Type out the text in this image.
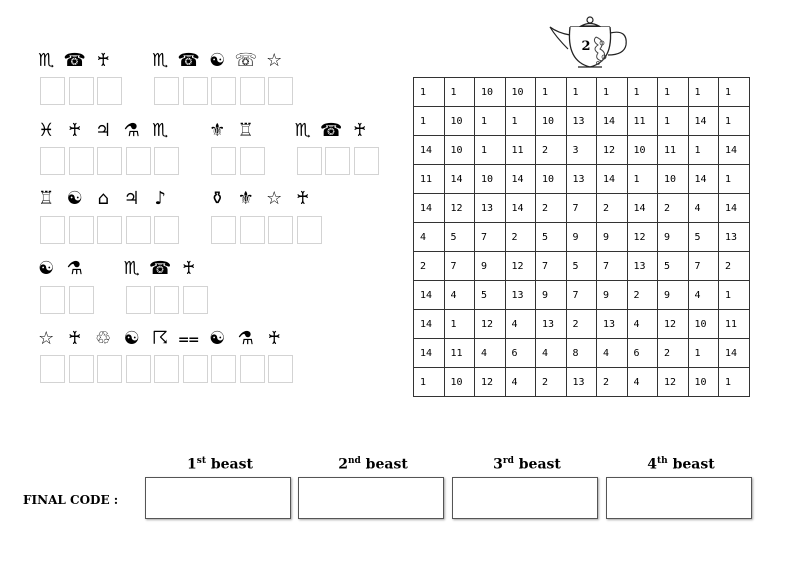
♏ ☎ ♰ ♏ ☎ ☯ ☏ ☆
♓ ♰ ♃ ⚗ ♏ ⚜ ♖ ♏ ☎ ♰
♖ ☯ ⌂ ♃ ♪ ⚱ ⚜ ☆ ♰
☯ ⚗ ♏ ☎ ♰
☆ ♰ ♲ ☯ ☈ ⩵ ☯ ⚗ ♰
2
1	1	10	10	1	1	1	1	1	1	1
1	10	1	1	10	13	14	11	1	14	1
14	10	1	11	2	3	12	10	11	1	14
11	14	10	14	10	13	14	1	10	14	1
14	12	13	14	2	7	2	14	2	4	14
4	5	7	2	5	9	9	12	9	5	13
2	7	9	12	7	5	7	13	5	7	2
14	4	5	13	9	7	9	2	9	4	1
14	1	12	4	13	2	13	4	12	10	11
14	11	4	6	4	8	4	6	2	1	14
1	10	12	4	2	13	2	4	12	10	1
1st beast	2nd beast	3rd beast	4th beast
FINAL CODE :
